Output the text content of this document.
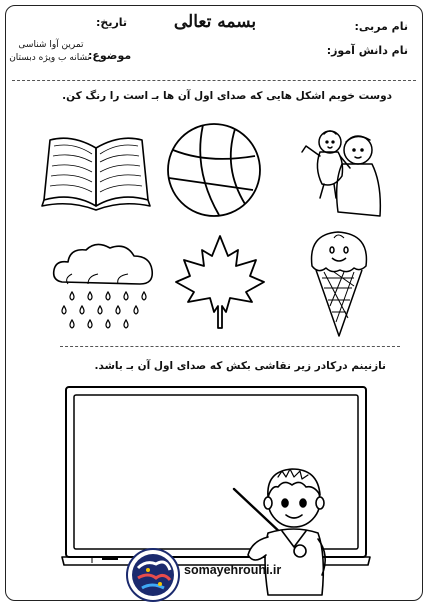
بسمه تعالی	نام مربی:
نام دانش آموز:
تاریخ:
موضوع:
تمرین آوا شناسی
نشانه ب ویژه دبستان
دوست خوبم اشکل هایی که صدای اول آن ها بـ است را رنگ کن.
نازنینم درکادر زیر نقاشی بکش که صدای اول آن بـ باشد.
somayehrouhi.ir
